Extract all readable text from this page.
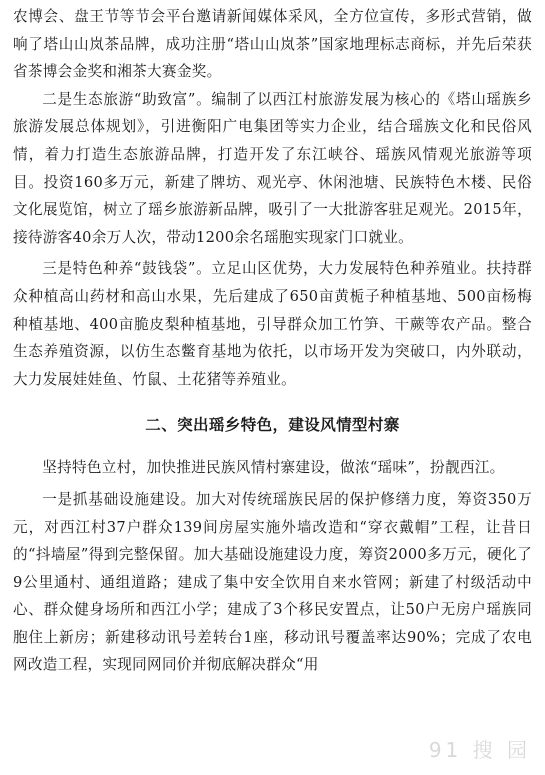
农博会、盘王节等节会平台邀请新闻媒体采风，全方位宣传，多形式营销，做响了塔山山岚茶品牌，成功注册“塔山山岚茶”国家地理标志商标，并先后荣获省茶博会金奖和湘茶大赛金奖。

二是生态旅游“助致富”。编制了以西江村旅游发展为核心的《塔山瑶族乡旅游发展总体规划》，引进衡阳广电集团等实力企业，结合瑶族文化和民俗风情，着力打造生态旅游品牌，打造开发了东江峡谷、瑶族风情观光旅游等项目。投资160多万元，新建了牌坊、观光亭、休闲池塘、民族特色木楼、民俗文化展览馆，树立了瑶乡旅游新品牌，吸引了一大批游客驻足观光。2015年，接待游客40余万人次，带动1200余名瑶胞实现家门口就业。

三是特色种养“鼓钱袋”。立足山区优势，大力发展特色种养殖业。扶持群众种植高山药材和高山水果，先后建成了650亩黄栀子种植基地、500亩杨梅种植基地、400亩脆皮梨种植基地，引导群众加工竹笋、干蕨等农产品。整合生态养殖资源，以仿生态鳖育基地为依托，以市场开发为突破口，内外联动，大力发展娃娃鱼、竹鼠、土花猪等养殖业。

二、突出瑶乡特色，建设风情型村寨

坚持特色立村，加快推进民族风情村寨建设，做浓“瑶味”，扮靓西江。

一是抓基础设施建设。加大对传统瑶族民居的保护修缮力度，筹资350万元，对西江村37户群众139间房屋实施外墙改造和“穿衣戴帽”工程，让昔日的“抖墙屋”得到完整保留。加大基础设施建设力度，筹资2000多万元，硬化了9公里通村、通组道路；建成了集中安全饮用自来水管网；新建了村级活动中心、群众健身场所和西江小学；建成了3个移民安置点，让50户无房户瑶族同胞住上新房；新建移动讯号差转台1座，移动讯号覆盖率达90%；完成了农电网改造工程，实现同网同价并彻底解决群众“用

91 搜 园
